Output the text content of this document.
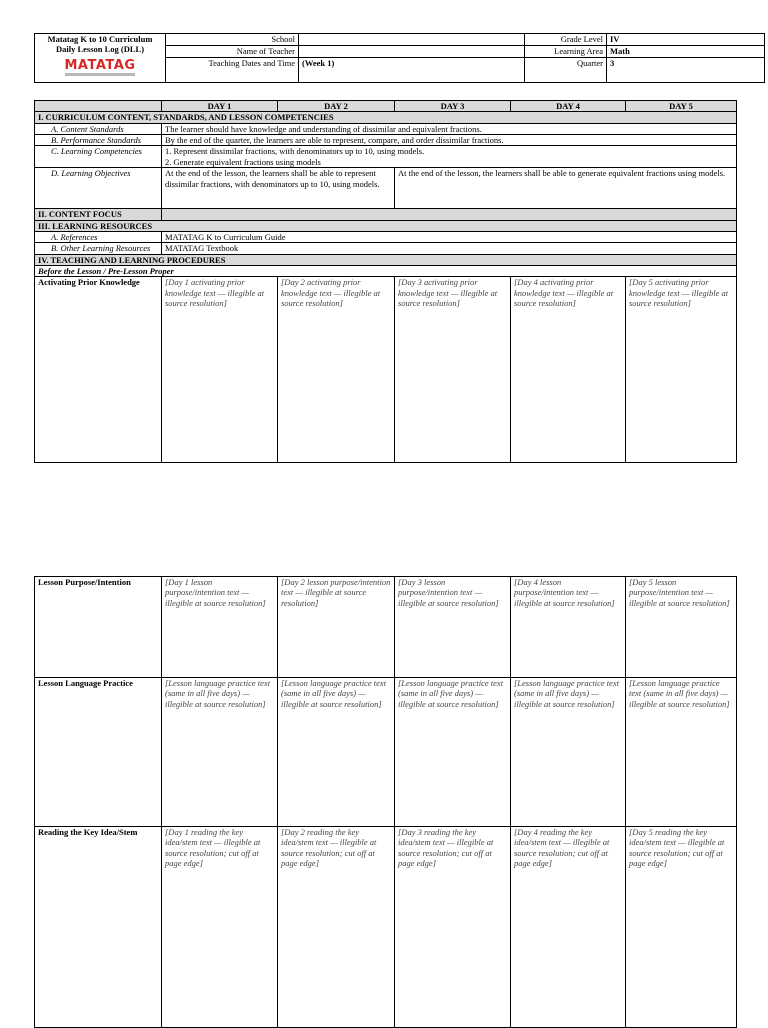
Matatag K to 10 Curriculum
Daily Lesson Log (DLL)
MATATAG	School		Grade Level	IV
	Name of Teacher		Learning Area	Math
	Teaching Dates and Time	(Week 1)	Quarter	3
	DAY 1	DAY 2	DAY 3	DAY 4	DAY 5
I. CURRICULUM CONTENT, STANDARDS, AND LESSON COMPETENCIES					
A. Content Standards	The learner should have knowledge and understanding of dissimilar and equivalent fractions.				
B. Performance Standards	By the end of the quarter, the learners are able to represent, compare, and order dissimilar fractions.				
C. Learning Competencies	1. Represent dissimilar fractions, with denominators up to 10, using models.
2. Generate equivalent fractions using models				

D. Learning Objectives	At the end of the lesson, the learners shall be able to represent dissimilar fractions, with denominators up to 10, using models.		At the end of the lesson, the learners shall be able to generate equivalent fractions using models.		
II. CONTENT FOCUS					
III. LEARNING RESOURCES					
A. References	MATATAG K to Curriculum Guide				
B. Other Learning Resources	MATATAG Textbook				
IV. TEACHING AND LEARNING PROCEDURES					
Before the Lesson / Pre-Lesson Proper					
Activating Prior Knowledge	[Day 1 activating prior knowledge text — illegible at source resolution]	[Day 2 activating prior knowledge text — illegible at source resolution]	[Day 3 activating prior knowledge text — illegible at source resolution]	[Day 4 activating prior knowledge text — illegible at source resolution]	[Day 5 activating prior knowledge text — illegible at source resolution]
Lesson Purpose/Intention	[Day 1 lesson purpose/intention text — illegible at source resolution]	[Day 2 lesson purpose/intention text — illegible at source resolution]	[Day 3 lesson purpose/intention text — illegible at source resolution]	[Day 4 lesson purpose/intention text — illegible at source resolution]	[Day 5 lesson purpose/intention text — illegible at source resolution]
Lesson Language Practice	[Lesson language practice text (same in all five days) — illegible at source resolution]	[Lesson language practice text (same in all five days) — illegible at source resolution]	[Lesson language practice text (same in all five days) — illegible at source resolution]	[Lesson language practice text (same in all five days) — illegible at source resolution]	[Lesson language practice text (same in all five days) — illegible at source resolution]
Reading the Key Idea/Stem	[Day 1 reading the key idea/stem text — illegible at source resolution; cut off at page edge]	[Day 2 reading the key idea/stem text — illegible at source resolution; cut off at page edge]	[Day 3 reading the key idea/stem text — illegible at source resolution; cut off at page edge]	[Day 4 reading the key idea/stem text — illegible at source resolution; cut off at page edge]	[Day 5 reading the key idea/stem text — illegible at source resolution; cut off at page edge]
